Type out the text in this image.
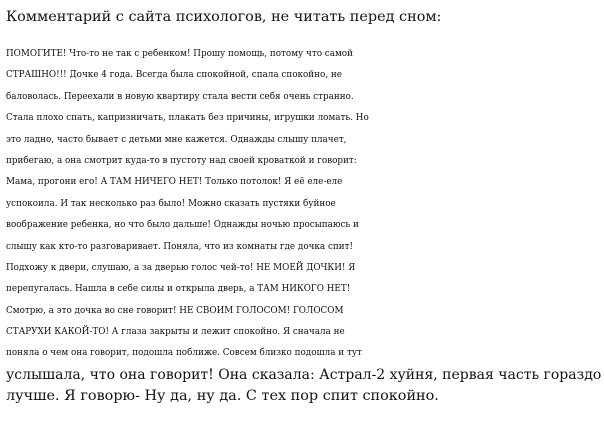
Комментарий с сайта психологов, не читать перед сном:
ПОМОГИТЕ! Что-то не так с ребенком! Прошу помощь, потому что самой
СТРАШНО!!! Дочке 4 года. Всегда была спокойной, спала спокойно, не
баловолась. Переехали в новую квартиру стала вести себя очень странно.
Стала плохо спать, капризничать, плакать без причины, игрушки ломать. Но
это ладно, часто бывает с детьми мне кажется. Однажды слышу плачет,
прибегаю, а она смотрит куда-то в пустоту над своей кроваткой и говорит:
Мама, прогони его! А ТАМ НИЧЕГО НЕТ! Только потолок! Я её еле-еле
успокоила. И так несколько раз было! Можно сказать пустяки буйное
воображение ребенка, но что было дальше! Однажды ночью просыпаюсь и
слышу как кто-то разговаривает. Поняла, что из комнаты где дочка спит!
Подхожу к двери, слушаю, а за дверью голос чей-то! НЕ МОЕЙ ДОЧКИ! Я
перепугалась. Нашла в себе силы и открыла дверь, а ТАМ НИКОГО НЕТ!
Смотрю, а это дочка во сне говорит! НЕ СВОИМ ГОЛОСОМ! ГОЛОСОМ
СТАРУХИ КАКОЙ-ТО! А глаза закрыты и лежит спокойно. Я сначала не
поняла о чем она говорит, подошла поближе. Совсем близко подошла и тут
услышала, что она говорит! Она сказала: Астрал-2 хуйня, первая часть гораздо
лучше. Я говорю- Ну да, ну да. С тех пор спит спокойно.
